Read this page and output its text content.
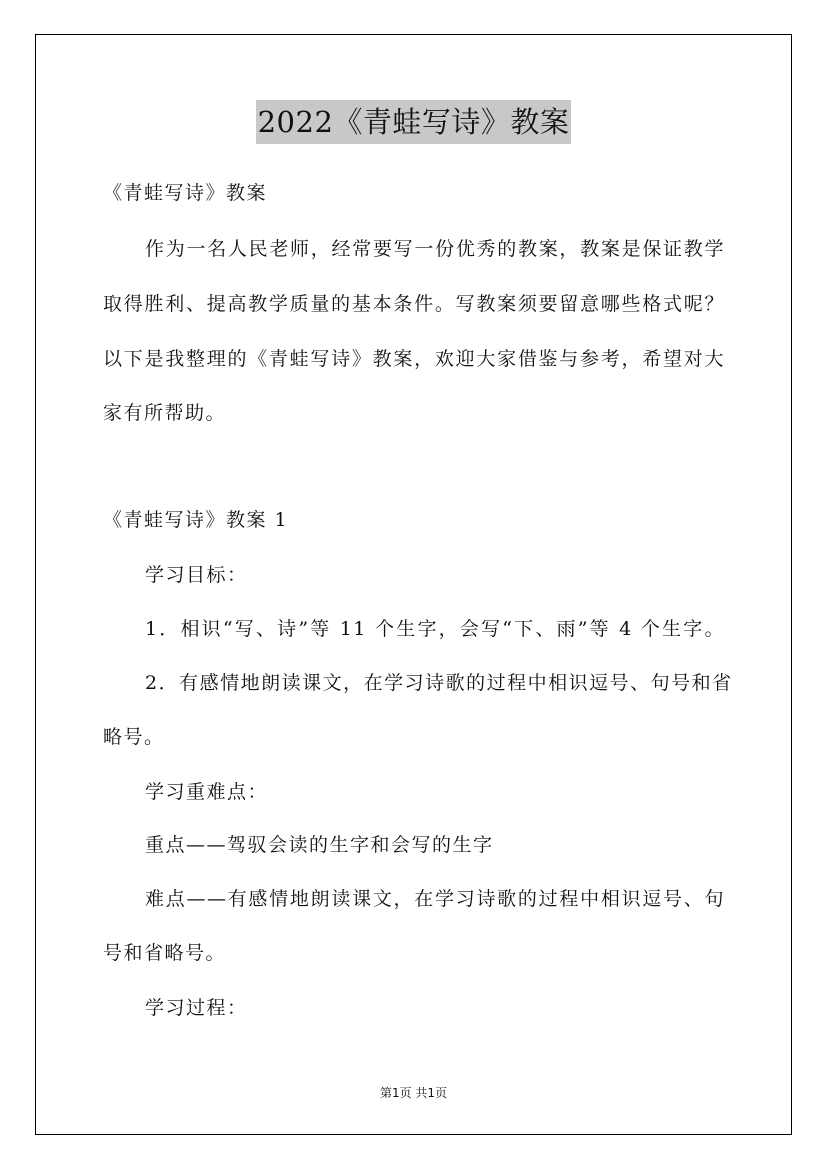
2022《青蛙写诗》教案
《青蛙写诗》教案
作为一名人民老师，经常要写一份优秀的教案，教案是保证教学
取得胜利、提高教学质量的基本条件。写教案须要留意哪些格式呢？
以下是我整理的《青蛙写诗》教案，欢迎大家借鉴与参考，希望对大
家有所帮助。
《青蛙写诗》教案 1
学习目标：
1．相识“写、诗”等 11 个生字，会写“下、雨”等 4 个生字。
2．有感情地朗读课文，在学习诗歌的过程中相识逗号、句号和省
略号。
学习重难点：
重点——驾驭会读的生字和会写的生字
难点——有感情地朗读课文，在学习诗歌的过程中相识逗号、句
号和省略号。
学习过程：
第1页 共1页
